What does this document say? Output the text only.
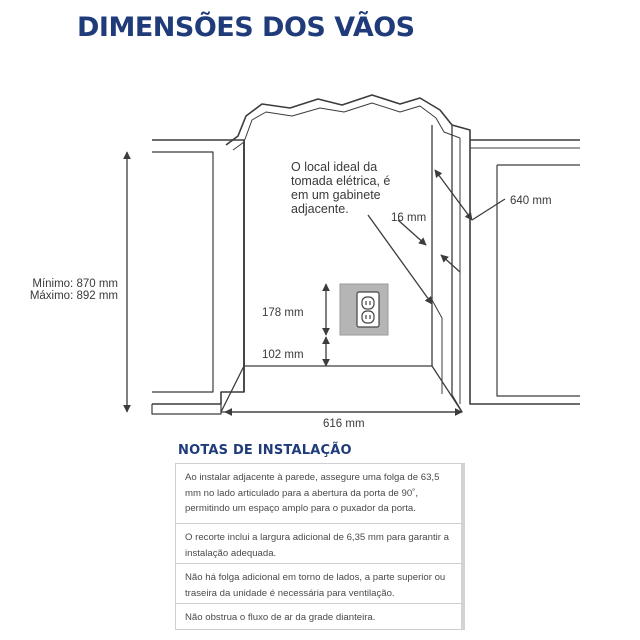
DIMENSÕES DOS VÃOS
Mínimo: 870 mm
Máximo: 892 mm
178 mm
102 mm
616 mm
640 mm
16 mm
O local ideal da
tomada elétrica, é
em um gabinete
adjacente.
NOTAS DE INSTALAÇÃO
Ao instalar adjacente à parede, assegure uma folga de 63,5 mm no lado articulado para a abertura da porta de 90˚, permitindo um espaço amplo para o puxador da porta.
O recorte inclui a largura adicional de 6,35 mm para garantir a instalação adequada.
Não há folga adicional em torno de lados, a parte superior ou traseira da unidade é necessária para ventilação.
Não obstrua o fluxo de ar da grade dianteira.
